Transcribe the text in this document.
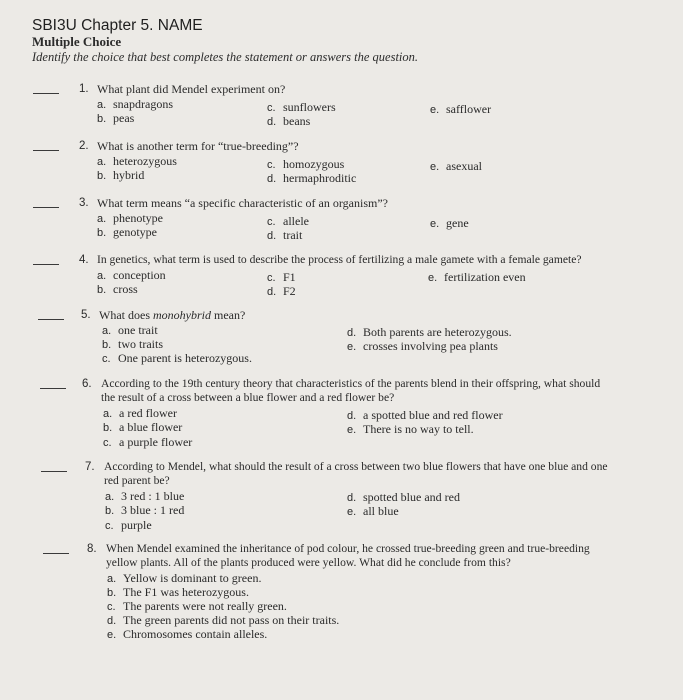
SBI3U Chapter 5. NAME
Multiple Choice
Identify the choice that best completes the statement or answers the question.
1. What plant did Mendel experiment on?
a. snapdragons
b. peas
c. sunflowers
d. beans
e. safflower
2. What is another term for “true-breeding”?
a. heterozygous
b. hybrid
c. homozygous
d. hermaphroditic
e. asexual
3. What term means “a specific characteristic of an organism”?
a. phenotype
b. genotype
c. allele
d. trait
e. gene
4. In genetics, what term is used to describe the process of fertilizing a male gamete with a female gamete?
a. conception
b. cross
c. F1
d. F2
e. fertilization even
5. What does monohybrid mean?
a. one trait
b. two traits
c. One parent is heterozygous.
d. Both parents are heterozygous.
e. crosses involving pea plants
6. According to the 19th century theory that characteristics of the parents blend in their offspring, what should
the result of a cross between a blue flower and a red flower be?
a. a red flower
b. a blue flower
c. a purple flower
d. a spotted blue and red flower
e. There is no way to tell.
7. According to Mendel, what should the result of a cross between two blue flowers that have one blue and one
red parent be?
a. 3 red : 1 blue
b. 3 blue : 1 red
c. purple
d. spotted blue and red
e. all blue
8. When Mendel examined the inheritance of pod colour, he crossed true-breeding green and true-breeding
yellow plants. All of the plants produced were yellow. What did he conclude from this?
a. Yellow is dominant to green.
b. The F1 was heterozygous.
c. The parents were not really green.
d. The green parents did not pass on their traits.
e. Chromosomes contain alleles.
